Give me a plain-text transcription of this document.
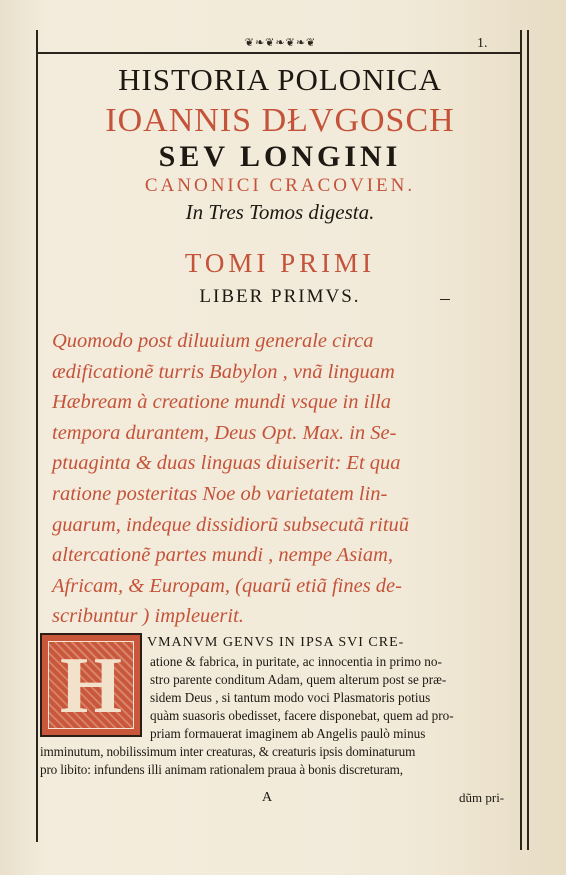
❦❧❦❧❦❧❦	1.
HISTORIA POLONICA
IOANNIS DŁVGOSCH
SEV LONGINI
CANONICI CRACOVIEN.
In Tres Tomos digesta.
TOMI PRIMI
LIBER PRIMVS.
Quomodo post diluuium generale circa
ædificationẽ turris Babylon , vnã linguam
Hæbream à creatione mundi vsque in illa
tempora durantem, Deus Opt. Max. in Se-
ptuaginta & duas linguas diuiserit: Et qua
ratione posteritas Noe ob varietatem lin-
guarum, indeque dissidiorũ subsecutã rituũ
altercationẽ partes mundi , nempe Asiam,
Africam, & Europam, (quarũ etiã fines de-
scribuntur ) impleuerit.
H	VMANVM GENVS IN IPSA SVI CRE-
atione & fabrica, in puritate, ac innocentia in primo no-
stro parente conditum Adam, quem alterum post se præ-
sidem Deus , si tantum modo voci Plasmatoris potius
quàm suasoris obedisset, facere disponebat, quem ad pro-
priam formauerat imaginem ab Angelis paulò minus
imminutum, nobilissimum inter creaturas, & creaturis ipsis dominaturum
pro libito: infundens illi animam rationalem praua à bonis discreturam,
A	dũm pri-
